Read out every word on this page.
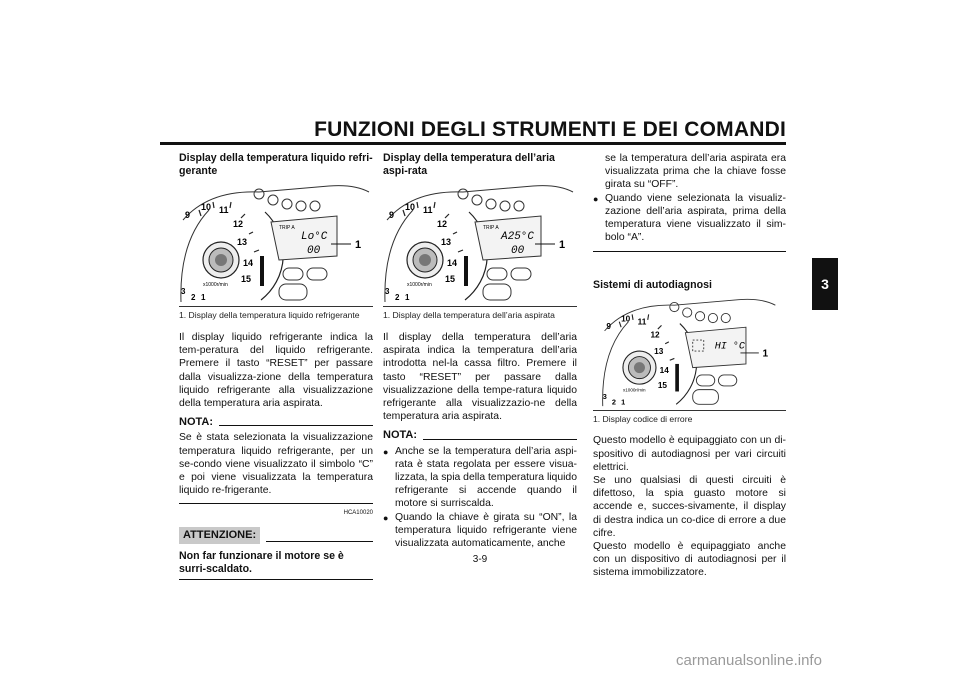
FUNZIONI DEGLI STRUMENTI E DEI COMANDI
3
Display della temperatura liquido refri-gerante
9
10 11
12
13
14
15
x1000r/min
3
2 1
TRIP A
Lo°C
00	1
1. Display della temperatura liquido refrigerante

Il display liquido refrigerante indica la tem-peratura del liquido refrigerante. Premere il tasto “RESET” per passare dalla visualizza-zione della temperatura liquido refrigerante alla visualizzazione della temperatura aria aspirata.

NOTA:

Se è stata selezionata la visualizzazione temperatura liquido refrigerante, per un se-condo viene visualizzato il simbolo “C” e poi viene visualizzata la temperatura liquido re-frigerante.

HCA10020
ATTENZIONE:
Non far funzionare il motore se è surri-scaldato.
Display della temperatura dell’aria aspi-rata
9
10 11
12
13
14
15
x1000r/min
3
2 1
TRIP A
A25°C
00	1
1. Display della temperatura dell’aria aspirata

Il display della temperatura dell’aria aspirata indica la temperatura dell’aria introdotta nel-la cassa filtro. Premere il tasto “RESET” per passare dalla visualizzazione della tempe-ratura liquido refrigerante alla visualizzazio-ne della temperatura aria aspirata.

NOTA:
● Anche se la temperatura dell’aria aspi-rata è stata regolata per essere visua-lizzata, la spia della temperatura liquido refrigerante si accende quando il motore si surriscalda.
● Quando la chiave è girata su “ON”, la temperatura liquido refrigerante viene visualizzata automaticamente, anche
se la temperatura dell’aria aspirata era visualizzata prima che la chiave fosse girata su “OFF”.
● Quando viene selezionata la visualiz-zazione dell’aria aspirata, prima della temperatura viene visualizzato il sim-bolo “A”.
Sistemi di autodiagnosi
9
10 11
12
13
14
15
x1000r/min
3
2 1
HI °C
1
1. Display codice di errore

Questo modello è equipaggiato con un di-spositivo di autodiagnosi per vari circuiti elettrici.

Se uno qualsiasi di questi circuiti è difettoso, la spia guasto motore si accende e, succes-sivamente, il display di destra indica un co-dice di errore a due cifre.

Questo modello è equipaggiato anche con un dispositivo di autodiagnosi per il sistema immobilizzatore.

3-9
carmanualsonline.info
